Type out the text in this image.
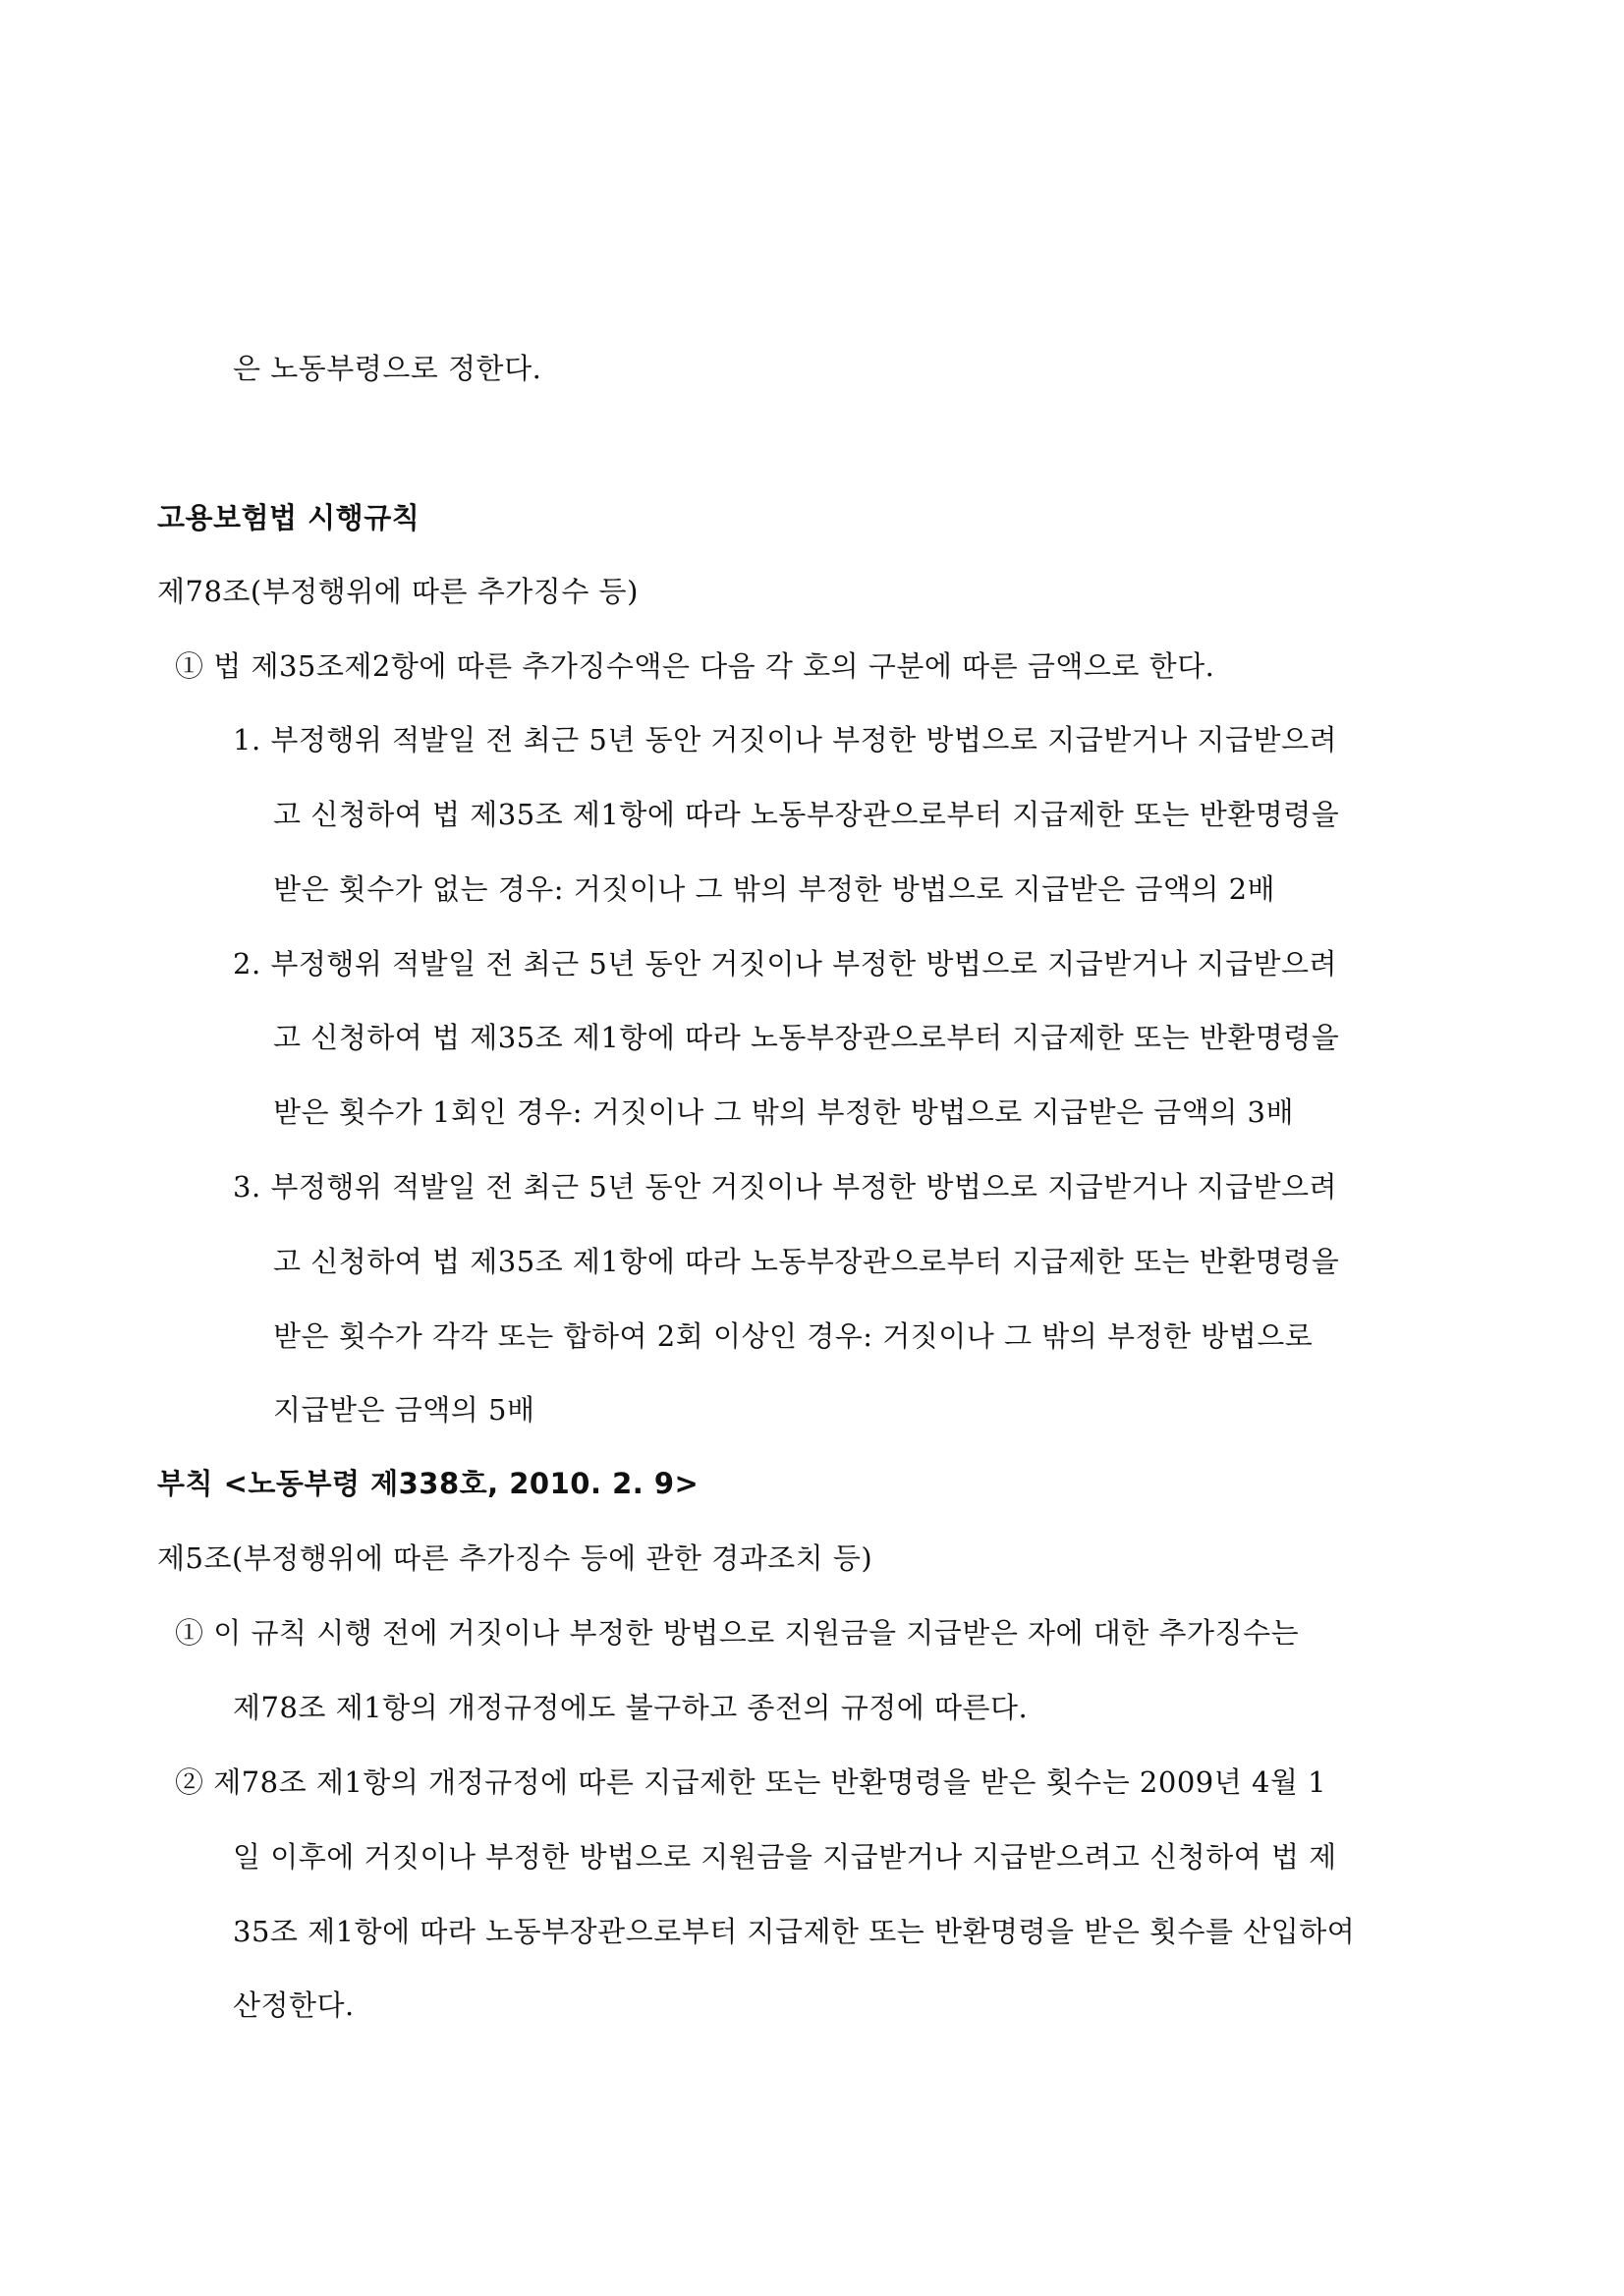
은 노동부령으로 정한다.
고용보험법 시행규칙
제78조(부정행위에 따른 추가징수 등)
① 법 제35조제2항에 따른 추가징수액은 다음 각 호의 구분에 따른 금액으로 한다.
1. 부정행위 적발일 전 최근 5년 동안 거짓이나 부정한 방법으로 지급받거나 지급받으려
고 신청하여 법 제35조 제1항에 따라 노동부장관으로부터 지급제한 또는 반환명령을
받은 횟수가 없는 경우: 거짓이나 그 밖의 부정한 방법으로 지급받은 금액의 2배
2. 부정행위 적발일 전 최근 5년 동안 거짓이나 부정한 방법으로 지급받거나 지급받으려
고 신청하여 법 제35조 제1항에 따라 노동부장관으로부터 지급제한 또는 반환명령을
받은 횟수가 1회인 경우: 거짓이나 그 밖의 부정한 방법으로 지급받은 금액의 3배
3. 부정행위 적발일 전 최근 5년 동안 거짓이나 부정한 방법으로 지급받거나 지급받으려
고 신청하여 법 제35조 제1항에 따라 노동부장관으로부터 지급제한 또는 반환명령을
받은 횟수가 각각 또는 합하여 2회 이상인 경우: 거짓이나 그 밖의 부정한 방법으로
지급받은 금액의 5배
부칙 <노동부령 제338호, 2010. 2. 9>
제5조(부정행위에 따른 추가징수 등에 관한 경과조치 등)
① 이 규칙 시행 전에 거짓이나 부정한 방법으로 지원금을 지급받은 자에 대한 추가징수는
제78조 제1항의 개정규정에도 불구하고 종전의 규정에 따른다.
② 제78조 제1항의 개정규정에 따른 지급제한 또는 반환명령을 받은 횟수는 2009년 4월 1
일 이후에 거짓이나 부정한 방법으로 지원금을 지급받거나 지급받으려고 신청하여 법 제
35조 제1항에 따라 노동부장관으로부터 지급제한 또는 반환명령을 받은 횟수를 산입하여
산정한다.
